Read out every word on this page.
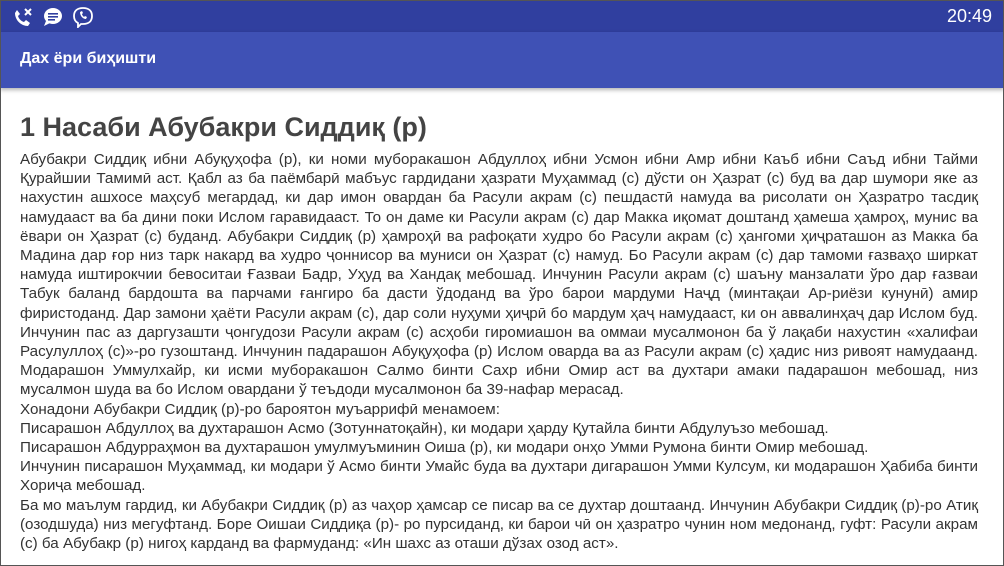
20:49
Дах ёри биҳишти
1 Насаби Абубакри Сиддиқ (р)

Абубакри Сиддиқ ибни Абуқуҳофа (р), ки номи муборакашон Абдуллоҳ ибни Усмон ибни Амр ибни Каъб ибни Саъд ибни Тайми Қурайшии Тамимӣ аст. Қабл аз ба паёмбарӣ мабъус гардидани ҳазрати Муҳаммад (с) дўсти он Ҳазрат (с) буд ва дар шумори яке аз нахустин ашхосе маҳсуб мегардад, ки дар имон овардан ба Расули акрам (с) пешдастӣ намуда ва рисолати он Ҳазратро тасдиқ намудааст ва ба дини поки Ислом гаравидааст. То он даме ки Расули акрам (с) дар Макка иқомат доштанд ҳамеша ҳамроҳ, мунис ва ёвари он Ҳазрат (с) буданд. Абубакри Сиддиқ (р) ҳамроҳӣ ва рафоқати худро бо Расули акрам (с) ҳангоми ҳиҷраташон аз Макка ба Мадина дар ғор низ тарк накард ва худро ҷонниcор ва муниси он Ҳазрат (с) намуд. Бо Расули акрам (с) дар тамоми ғазваҳо ширкат намуда иштирокчии бевоситаи Ғазваи Бадр, Уҳуд ва Хандақ мебошад. Инчунин Расули акрам (с) шаъну манзалати ўро дар ғазваи Табук баланд бардошта ва парчами ғангиро ба дасти ўдоданд ва ўро барои мардуми Наҷд (минтақаи Ар-риёзи кунунӣ) амир фиристоданд. Дар замони ҳаёти Расули акрам (с), дар соли нуҳуми ҳиҷрӣ бо мардум ҳаҷ намудааст, ки он аввалинҳаҷ дар Ислом буд. Инчунин пас аз даргузашти ҷонгудози Расули акрам (с) асҳоби гиромиашон ва оммаи мусалмонон ба ў лақаби нахустин «халифаи Расулуллоҳ (с)»-ро гузоштанд. Инчунин падарашон Абуқуҳофа (р) Ислом оварда ва аз Расули акрам (с) ҳадис низ ривоят намудаанд. Модарашон Уммулхайр, ки исми муборакашон Салмо бинти Сахр ибни Омир аст ва духтари амаки падарашон мебошад, низ мусалмон шуда ва бо Ислом овардани ў теъдоди мусалмонон ба 39-нафар мерасад.

Хонадони Абубакри Сиддиқ (р)-ро бароятон муъаррифӣ менамоем:

Писарашон Абдуллоҳ ва духтарашон Асмо (Зотуннатоқайн), ки модари ҳарду Қутайла бинти Абдулуъзо мебошад.

Писарашон Абдурраҳмон ва духтарашон умулмуъминин Оиша (р), ки модари онҳо Умми Румона бинти Омир мебошад.

Инчунин писарашон Муҳаммад, ки модари ў Асмо бинти Умайс буда ва духтари дигарашон Умми Кулсум, ки модарашон Ҳабиба бинти Хориҷа мебошад.

Ба мо маълум гардид, ки Абубакри Сиддиқ (р) аз чаҳор ҳамсар се писар ва се духтар доштаанд. Инчунин Абубакри Сиддиқ (р)-ро Атиқ (озодшуда) низ мегуфтанд. Боре Оишаи Сиддиқа (р)- ро пурсиданд, ки барои чӣ он ҳазратро чунин ном медонанд, гуфт: Расули акрам (с) ба Абубакр (р) нигоҳ карданд ва фармуданд: «Ин шахс аз оташи дўзах озод аст».
